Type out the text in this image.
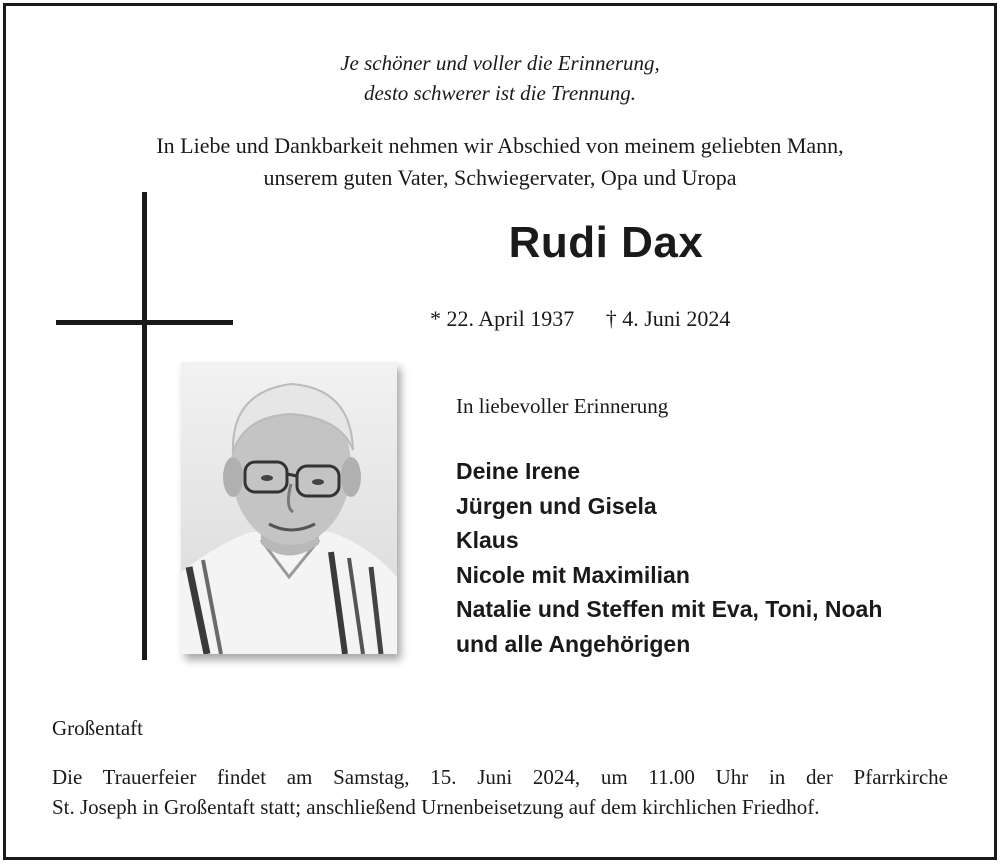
Je schöner und voller die Erinnerung,
desto schwerer ist die Trennung.
In Liebe und Dankbarkeit nehmen wir Abschied von meinem geliebten Mann,
unserem guten Vater, Schwiegervater, Opa und Uropa
Rudi Dax
* 22. April 1937 † 4. Juni 2024
In liebevoller Erinnerung
Deine Irene
Jürgen und Gisela
Klaus
Nicole mit Maximilian
Natalie und Steffen mit Eva, Toni, Noah
und alle Angehörigen
Großentaft
Die Trauerfeier findet am Samstag, 15. Juni 2024, um 11.00 Uhr in der Pfarrkirche
St. Joseph in Großentaft statt; anschließend Urnenbeisetzung auf dem kirchlichen Friedhof.
